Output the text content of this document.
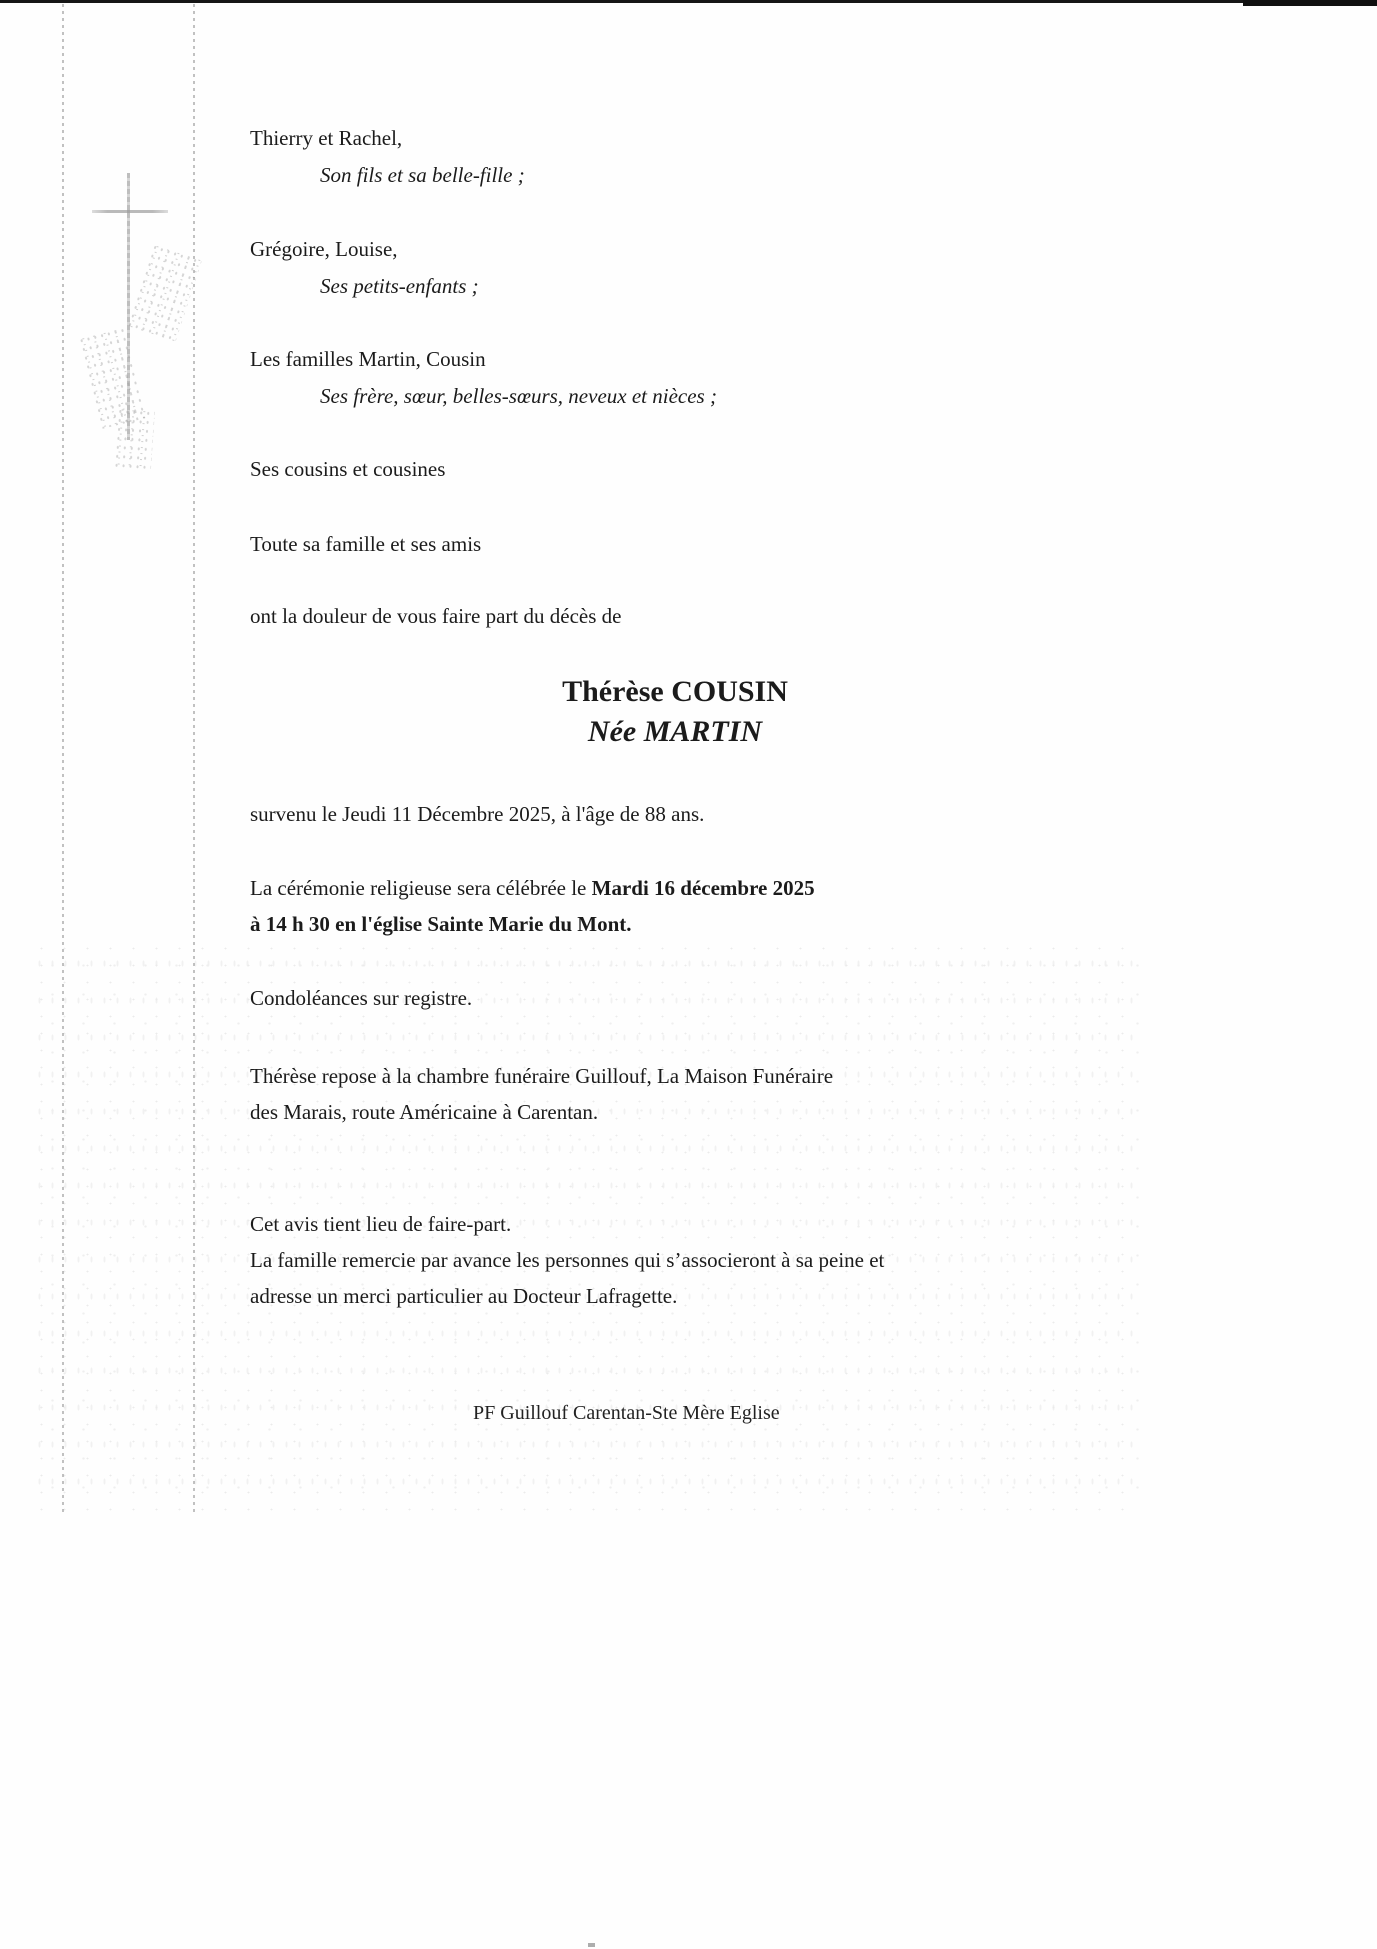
Thierry et Rachel,
Son fils et sa belle-fille ;
Grégoire, Louise,
Ses petits-enfants ;
Les familles Martin, Cousin
Ses frère, sœur, belles-sœurs, neveux et nièces ;
Ses cousins et cousines
Toute sa famille et ses amis
ont la douleur de vous faire part du décès de
Thérèse COUSIN
Née MARTIN
survenu le Jeudi 11 Décembre 2025, à l'âge de 88 ans.
La cérémonie religieuse sera célébrée le Mardi 16 décembre 2025
à 14 h 30 en l'église Sainte Marie du Mont.
Condoléances sur registre.
Thérèse repose à la chambre funéraire Guillouf, La Maison Funéraire
des Marais, route Américaine à Carentan.
Cet avis tient lieu de faire-part.
La famille remercie par avance les personnes qui s’associeront à sa peine et
adresse un merci particulier au Docteur Lafragette.
PF Guillouf Carentan-Ste Mère Eglise
